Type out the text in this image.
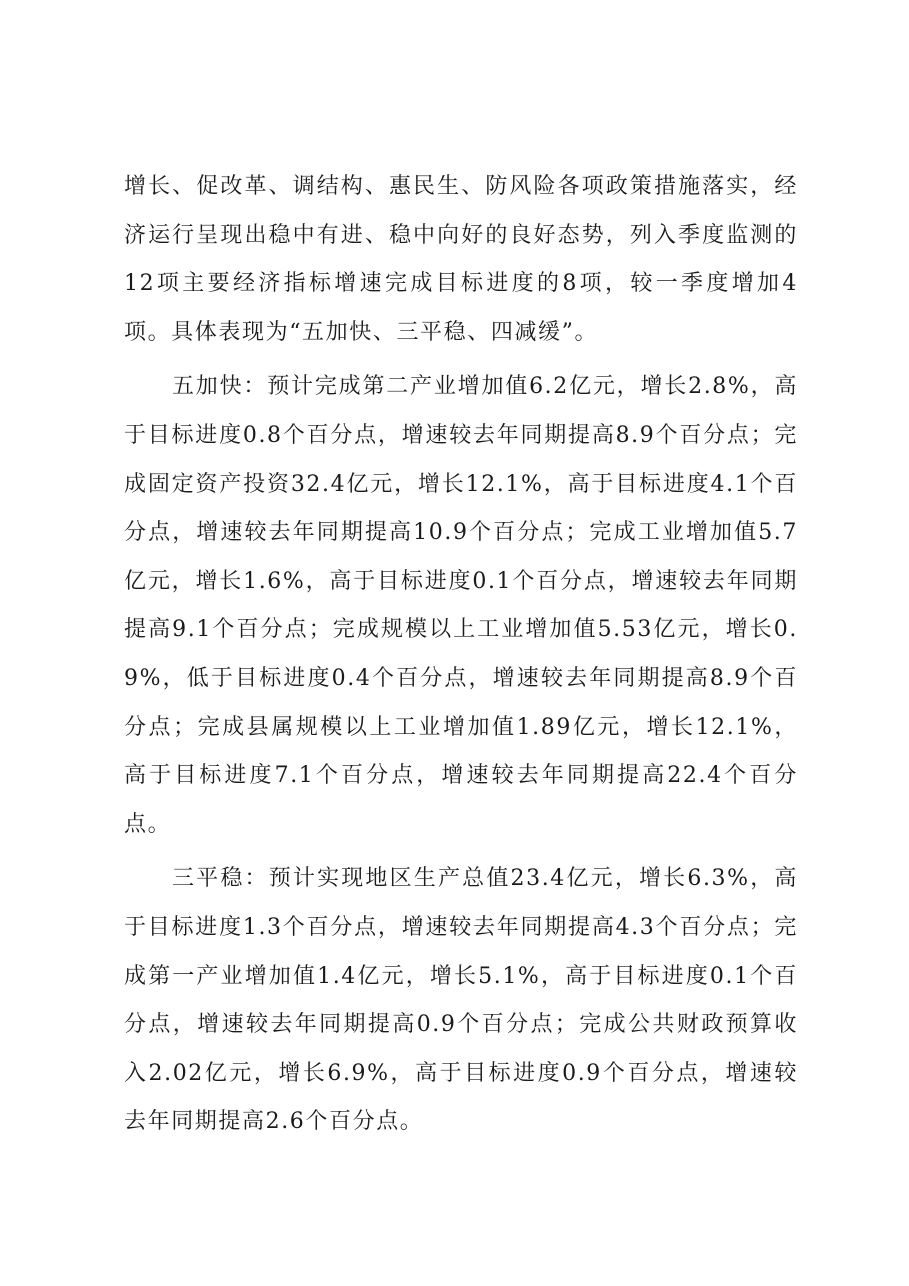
增长、促改革、调结构、惠民生、防风险各项政策措施落实，经济运行呈现出稳中有进、稳中向好的良好态势，列入季度监测的12项主要经济指标增速完成目标进度的8项，较一季度增加4项。具体表现为“五加快、三平稳、四减缓”。

五加快：预计完成第二产业增加值6.2亿元，增长2.8%，高于目标进度0.8个百分点，增速较去年同期提高8.9个百分点；完成固定资产投资32.4亿元，增长12.1%，高于目标进度4.1个百分点，增速较去年同期提高10.9个百分点；完成工业增加值5.7亿元，增长1.6%，高于目标进度0.1个百分点，增速较去年同期提高9.1个百分点；完成规模以上工业增加值5.53亿元，增长0.9%，低于目标进度0.4个百分点，增速较去年同期提高8.9个百分点；完成县属规模以上工业增加值1.89亿元，增长12.1%，高于目标进度7.1个百分点，增速较去年同期提高22.4个百分点。

三平稳：预计实现地区生产总值23.4亿元，增长6.3%，高于目标进度1.3个百分点，增速较去年同期提高4.3个百分点；完成第一产业增加值1.4亿元，增长5.1%，高于目标进度0.1个百分点，增速较去年同期提高0.9个百分点；完成公共财政预算收入2.02亿元，增长6.9%，高于目标进度0.9个百分点，增速较去年同期提高2.6个百分点。
